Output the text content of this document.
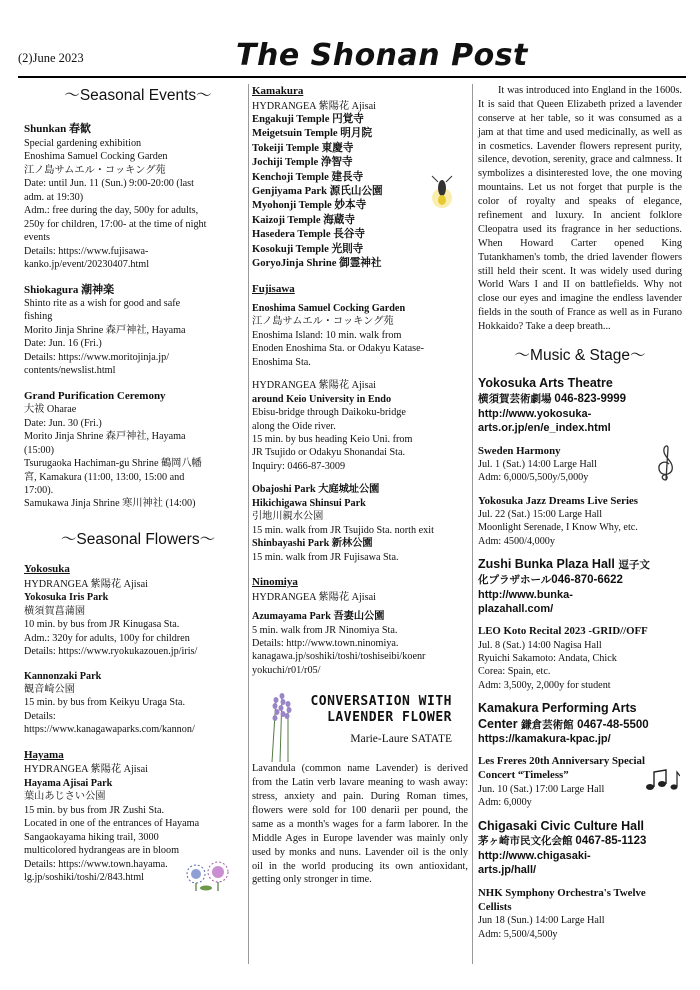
(2)June 2023	The Shonan Post
〜Seasonal Events〜
Shunkan 春歓
Special gardening exhibition
Enoshima Samuel Cocking Garden
江ノ島サムエル・コッキング苑
Date: until Jun. 11 (Sun.) 9:00-20:00 (last
adm. at 19:30)
Adm.: free during the day, 500y for adults,
250y for children, 17:00- at the time of night
events
Details: https://www.fujisawa-
kanko.jp/event/20230407.html
Shiokagura 潮神楽
Shinto rite as a wish for good and safe
fishing
Morito Jinja Shrine 森戸神社, Hayama
Date: Jun. 16 (Fri.)
Details: https://www.moritojinja.jp/
contents/newslist.html
Grand Purification Ceremony
大祓 Oharae
Date: Jun. 30 (Fri.)
Morito Jinja Shrine 森戸神社, Hayama
(15:00)
Tsurugaoka Hachiman-gu Shrine 鶴岡八幡
宮, Kamakura (11:00, 13:00, 15:00 and
17:00).
Samukawa Jinja Shrine 寒川神社 (14:00)
〜Seasonal Flowers〜
Yokosuka
HYDRANGEA 紫陽花 Ajisai
Yokosuka Iris Park
横須賀菖蒲園
10 min. by bus from JR Kinugasa Sta.
Adm.: 320y for adults, 100y for children
Details: https://www.ryokukazouen.jp/iris/
Kannonzaki Park
観音崎公園
15 min. by bus from Keikyu Uraga Sta.
Details:
https://www.kanagawaparks.com/kannon/
Hayama
HYDRANGEA 紫陽花 Ajisai
Hayama Ajisai Park
葉山あじさい公園
15 min. by bus from JR Zushi Sta.
Located in one of the entrances of Hayama
Sangaokayama hiking trail, 3000
multicolored hydrangeas are in bloom
Details: https://www.town.hayama.
lg.jp/soshiki/toshi/2/843.html
Kamakura
HYDRANGEA 紫陽花 Ajisai
Engakuji Temple 円覚寺
Meigetsuin Temple 明月院
Tokeiji Temple 東慶寺
Jochiji Temple 浄智寺
Kenchoji Temple 建長寺
Genjiyama Park 源氏山公園
Myohonji Temple 妙本寺
Kaizoji Temple 海蔵寺
Hasedera Temple 長谷寺
Kosokuji Temple 光則寺
GoryoJinja Shrine 御霊神社
Fujisawa
Enoshima Samuel Cocking Garden
江ノ島サムエル・コッキング苑
Enoshima Island: 10 min. walk from
Enoden Enoshima Sta. or Odakyu Katase-
Enoshima Sta.
HYDRANGEA 紫陽花 Ajisai
around Keio University in Endo
Ebisu-bridge through Daikoku-bridge
along the Oide river.
15 min. by bus heading Keio Uni. from
JR Tsujido or Odakyu Shonandai Sta.
Inquiry: 0466-87-3009
Obajoshi Park 大庭城址公園
Hikichigawa Shinsui Park
引地川親水公園
15 min. walk from JR Tsujido Sta. north exit
Shinbayashi Park 新林公園
15 min. walk from JR Fujisawa Sta.
Ninomiya
HYDRANGEA 紫陽花 Ajisai
Azumayama Park 吾妻山公園
5 min. walk from JR Ninomiya Sta.
Details: http://www.town.ninomiya.
kanagawa.jp/soshiki/toshi/toshiseibi/koenr
yokuchi/r01/r05/
CONVERSATION WITH
LAVENDER FLOWER
Marie-Laure SATATE

Lavandula (common name Lavender) is derived from the Latin verb lavare meaning to wash away: stress, anxiety and pain. During Roman times, flowers were sold for 100 denarii per pound, the same as a month's wages for a farm laborer. In the Middle Ages in Europe lavender was mainly only used by monks and nuns. Lavender oil is the only oil in the world producing its own antioxidant, getting only stronger in time.

It was introduced into England in the 1600s. It is said that Queen Elizabeth prized a lavender conserve at her table, so it was consumed as a jam at that time and used medicinally, as well as in cosmetics. Lavender flowers represent purity, silence, devotion, serenity, grace and calmness. It symbolizes a disinterested love, the one moving mountains. Let us not forget that purple is the color of royalty and speaks of elegance, refinement and luxury. In ancient folklore Cleopatra used its fragrance in her seductions. When Howard Carter opened King Tutankhamen's tomb, the dried lavender flowers still held their scent. It was widely used during World Wars I and II on battlefields. Why not close our eyes and imagine the endless lavender fields in the south of France as well as in Furano Hokkaido? Take a deep breath...

〜Music & Stage〜
Yokosuka Arts Theatre
横須賀芸術劇場 046-823-9999
http://www.yokosuka-
arts.or.jp/en/e_index.html
Sweden Harmony
Jul. 1 (Sat.) 14:00 Large Hall
Adm: 6,000/5,500y/5,000y
Yokosuka Jazz Dreams Live Series
Jul. 22 (Sat.) 15:00 Large Hall
Moonlight Serenade, I Know Why, etc.
Adm: 4500/4,000y
Zushi Bunka Plaza Hall 逗子文
化プラザホール046-870-6622
http://www.bunka-
plazahall.com/
LEO Koto Recital 2023 -GRID//OFF
Jul. 8 (Sat.) 14:00 Nagisa Hall
Ryuichi Sakamoto: Andata, Chick
Corea: Spain, etc.
Adm: 3,500y, 2,000y for student
Kamakura Performing Arts
Center 鎌倉芸術館 0467-48-5500
https://kamakura-kpac.jp/
Les Freres 20th Anniversary Special
Concert “Timeless”
Jun. 10 (Sat.) 17:00 Large Hall
Adm: 6,000y
Chigasaki Civic Culture Hall
茅ヶ崎市民文化会館 0467-85-1123
http://www.chigasaki-
arts.jp/hall/
NHK Symphony Orchestra's Twelve
Cellists
Jun 18 (Sun.) 14:00 Large Hall
Adm: 5,500/4,500y
